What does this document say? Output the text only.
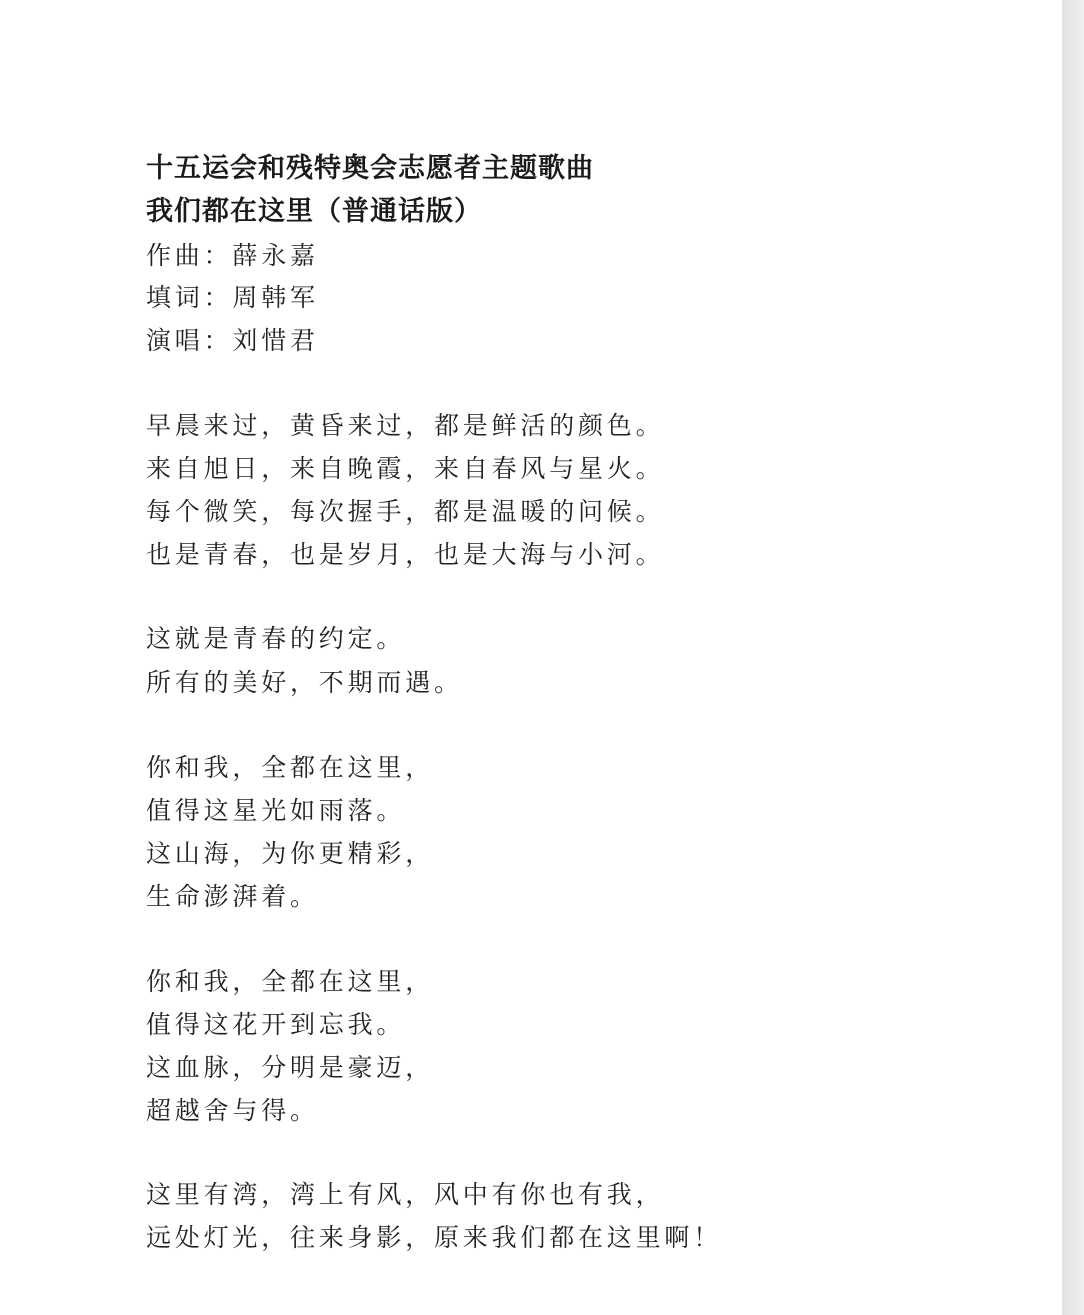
十五运会和残特奥会志愿者主题歌曲
我们都在这里（普通话版）
作曲：薛永嘉
填词：周韩军
演唱：刘惜君
早晨来过，黄昏来过，都是鲜活的颜色。
来自旭日，来自晚霞，来自春风与星火。
每个微笑，每次握手，都是温暖的问候。
也是青春，也是岁月，也是大海与小河。
这就是青春的约定。
所有的美好，不期而遇。
你和我，全都在这里，
值得这星光如雨落。
这山海，为你更精彩，
生命澎湃着。
你和我，全都在这里，
值得这花开到忘我。
这血脉，分明是豪迈，
超越舍与得。
这里有湾，湾上有风，风中有你也有我，
远处灯光，往来身影，原来我们都在这里啊！
